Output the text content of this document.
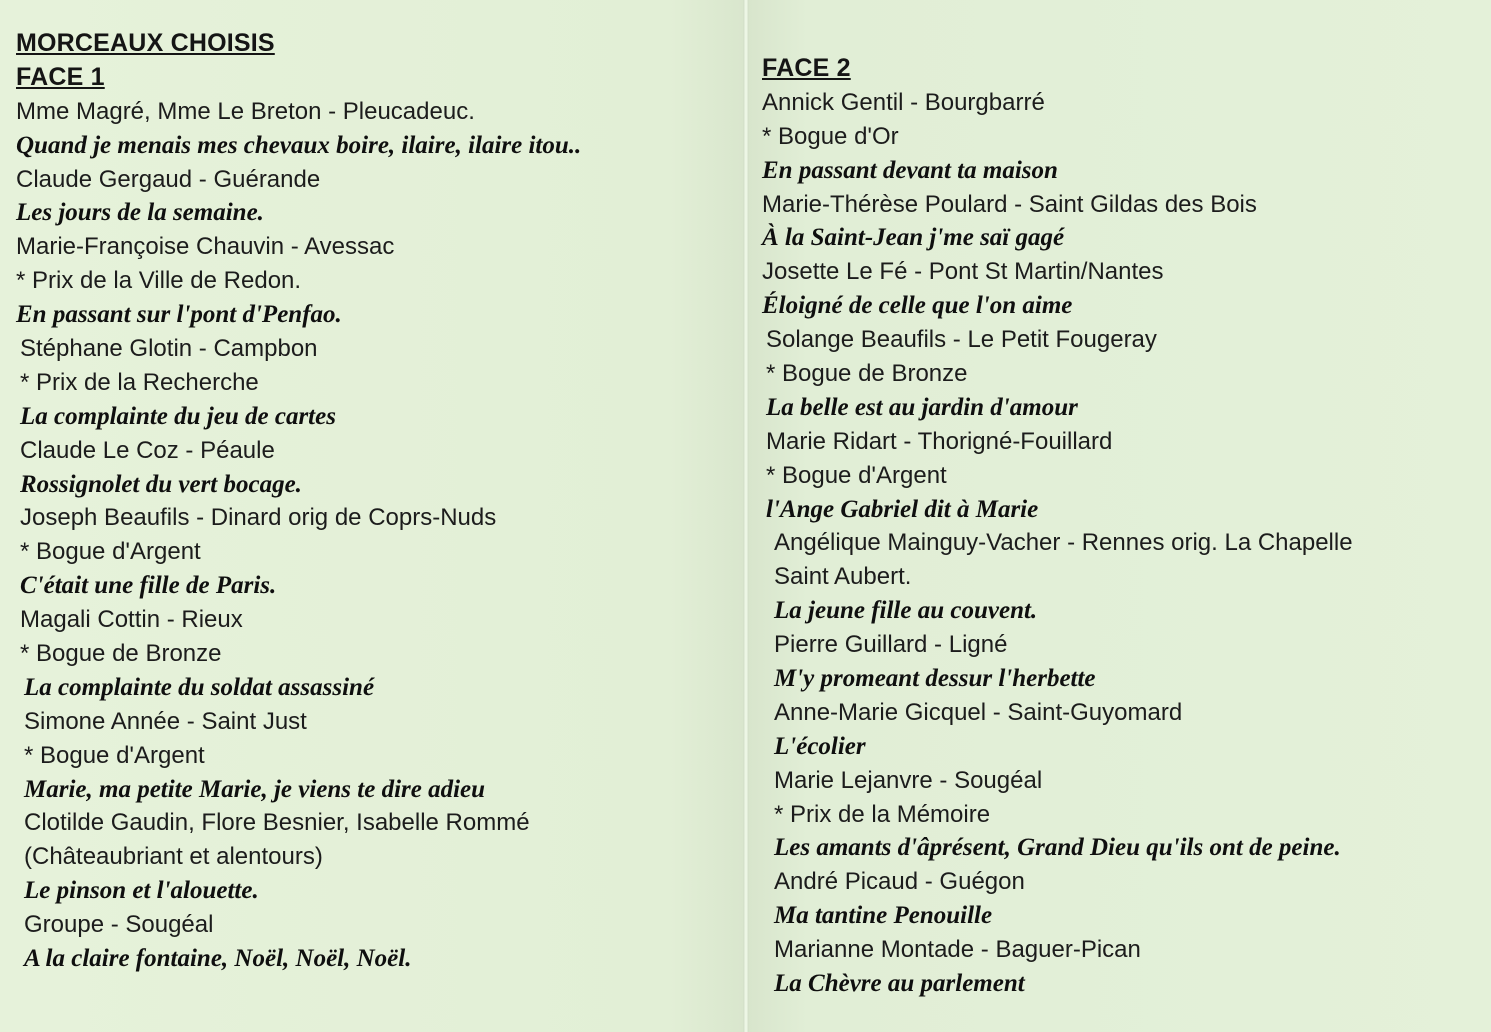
MORCEAUX CHOISIS
FACE 1
Mme Magré, Mme Le Breton - Pleucadeuc.
Quand je menais mes chevaux boire, ilaire, ilaire itou..
Claude Gergaud - Guérande
Les jours de la semaine.
Marie-Françoise Chauvin - Avessac
* Prix de la Ville de Redon.
En passant sur l'pont d'Penfao.
Stéphane Glotin - Campbon
* Prix de la Recherche
La complainte du jeu de cartes
Claude Le Coz - Péaule
Rossignolet du vert bocage.
Joseph Beaufils - Dinard orig de Coprs-Nuds
* Bogue d'Argent
C'était une fille de Paris.
Magali Cottin - Rieux
* Bogue de Bronze
La complainte du soldat assassiné
Simone Année - Saint Just
* Bogue d'Argent
Marie, ma petite Marie, je viens te dire adieu
Clotilde Gaudin, Flore Besnier, Isabelle Rommé
(Châteaubriant et alentours)
Le pinson et l'alouette.
Groupe - Sougéal
A la claire fontaine, Noël, Noël, Noël.
FACE 2
Annick Gentil - Bourgbarré
* Bogue d'Or
En passant devant ta maison
Marie-Thérèse Poulard - Saint Gildas des Bois
À la Saint-Jean j'me saï gagé
Josette Le Fé - Pont St Martin/Nantes
Éloigné de celle que l'on aime
Solange Beaufils - Le Petit Fougeray
* Bogue de Bronze
La belle est au jardin d'amour
Marie Ridart - Thorigné-Fouillard
* Bogue d'Argent
l'Ange Gabriel dit à Marie
Angélique Mainguy-Vacher - Rennes orig. La Chapelle
Saint Aubert.
La jeune fille au couvent.
Pierre Guillard - Ligné
M'y promeant dessur l'herbette
Anne-Marie Gicquel - Saint-Guyomard
L'écolier
Marie Lejanvre - Sougéal
* Prix de la Mémoire
Les amants d'âprésent, Grand Dieu qu'ils ont de peine.
André Picaud - Guégon
Ma tantine Penouille
Marianne Montade - Baguer-Pican
La Chèvre au parlement
